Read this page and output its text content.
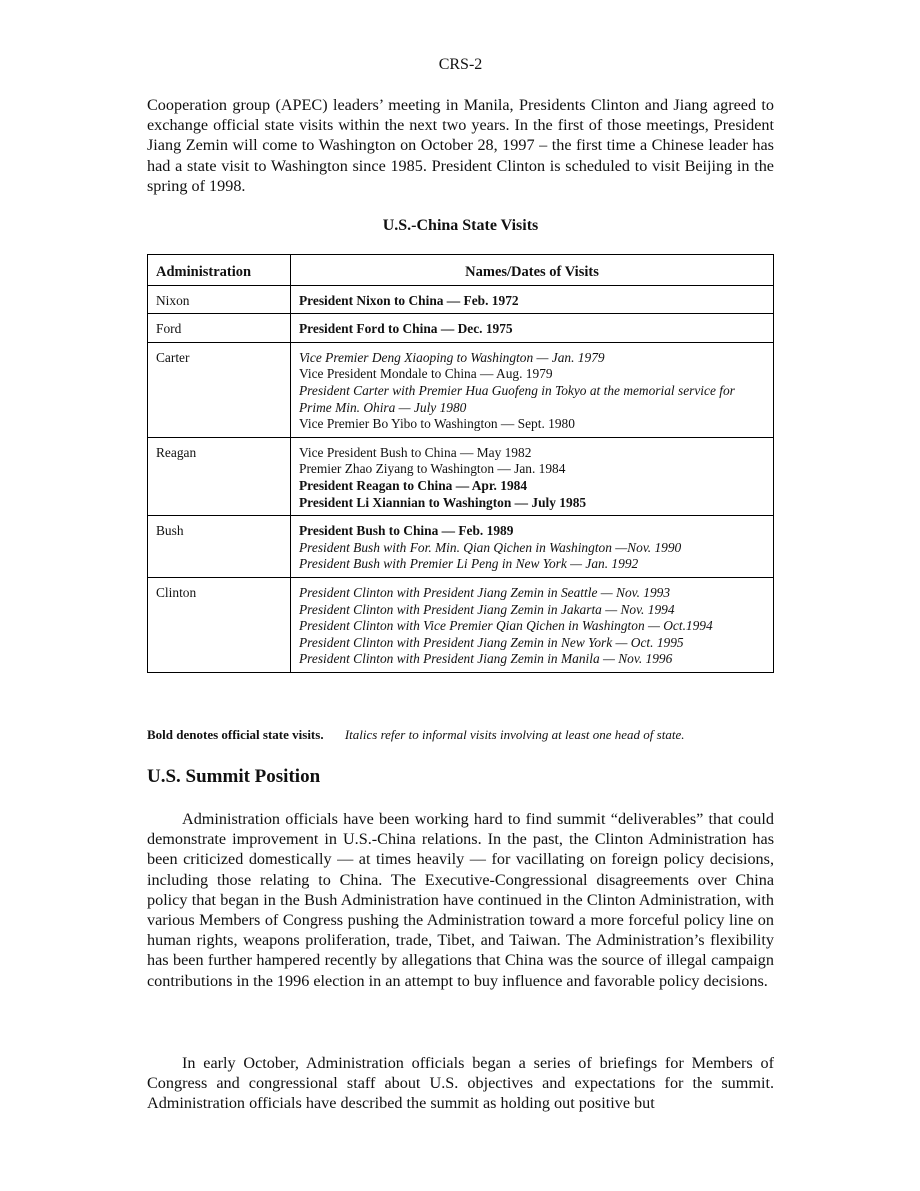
CRS-2

Cooperation group (APEC) leaders’ meeting in Manila, Presidents Clinton and Jiang agreed to exchange official state visits within the next two years. In the first of those meetings, President Jiang Zemin will come to Washington on October 28, 1997 – the first time a Chinese leader has had a state visit to Washington since 1985. President Clinton is scheduled to visit Beijing in the spring of 1998.

U.S.-China State Visits
Administration	Names/Dates of Visits
Nixon	President Nixon to China — Feb. 1972

Ford	President Ford to China — Dec. 1975

Carter	Vice Premier Deng Xiaoping to Washington — Jan. 1979
Vice President Mondale to China — Aug. 1979
President Carter with Premier Hua Guofeng in Tokyo at the memorial service for Prime Min. Ohira — July 1980
Vice Premier Bo Yibo to Washington — Sept. 1980

Reagan	Vice President Bush to China — May 1982
Premier Zhao Ziyang to Washington — Jan. 1984
President Reagan to China — Apr. 1984
President Li Xiannian to Washington — July 1985

Bush	President Bush to China — Feb. 1989
President Bush with For. Min. Qian Qichen in Washington —Nov. 1990
President Bush with Premier Li Peng in New York — Jan. 1992

Clinton	President Clinton with President Jiang Zemin in Seattle — Nov. 1993
President Clinton with President Jiang Zemin in Jakarta — Nov. 1994
President Clinton with Vice Premier Qian Qichen in Washington — Oct.1994
President Clinton with President Jiang Zemin in New York — Oct. 1995
President Clinton with President Jiang Zemin in Manila — Nov. 1996
Bold denotes official state visits. Italics refer to informal visits involving at least one head of state.
U.S. Summit Position

Administration officials have been working hard to find summit “deliverables” that could demonstrate improvement in U.S.-China relations. In the past, the Clinton Administration has been criticized domestically — at times heavily — for vacillating on foreign policy decisions, including those relating to China. The Executive-Congressional disagreements over China policy that began in the Bush Administration have continued in the Clinton Administration, with various Members of Congress pushing the Administration toward a more forceful policy line on human rights, weapons proliferation, trade, Tibet, and Taiwan. The Administration’s flexibility has been further hampered recently by allegations that China was the source of illegal campaign contributions in the 1996 election in an attempt to buy influence and favorable policy decisions.

In early October, Administration officials began a series of briefings for Members of Congress and congressional staff about U.S. objectives and expectations for the summit. Administration officials have described the summit as holding out positive but
